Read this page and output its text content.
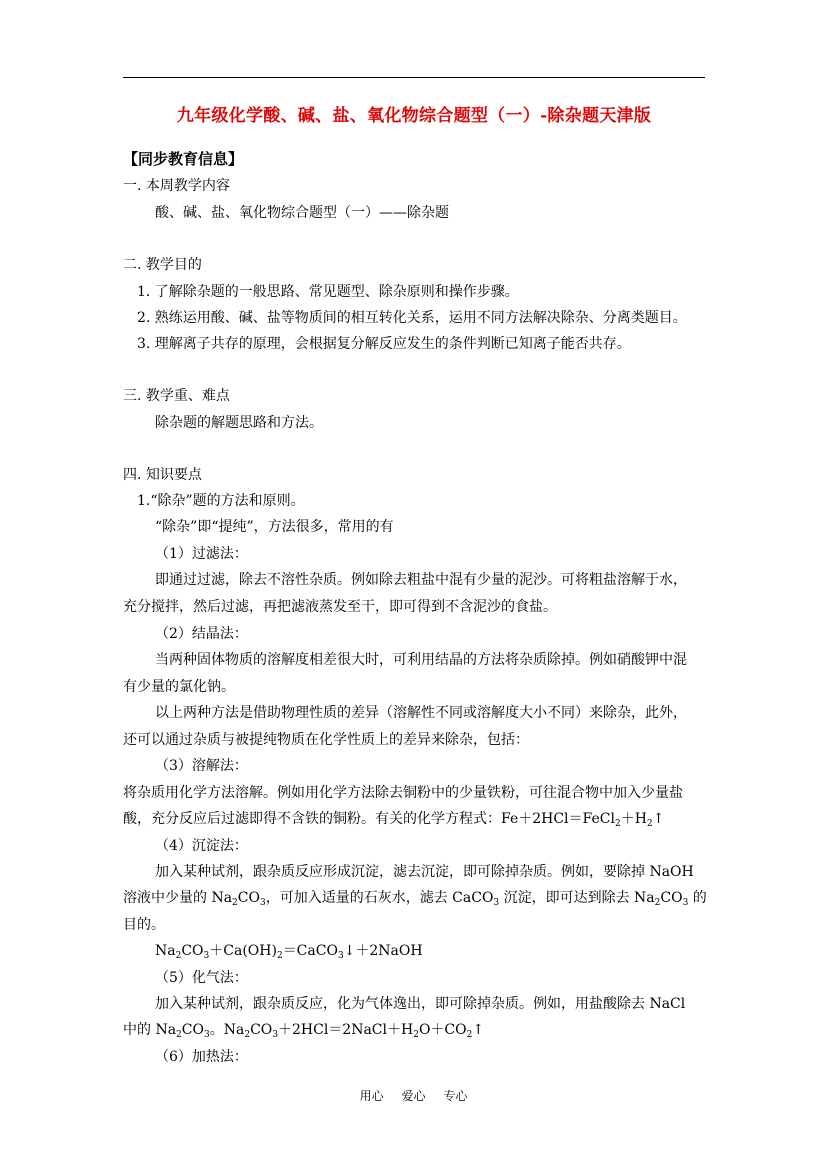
九年级化学酸、碱、盐、氧化物综合题型（一）-除杂题天津版
【同步教育信息】
一. 本周教学内容
酸、碱、盐、氧化物综合题型（一）——除杂题
二. 教学目的
1. 了解除杂题的一般思路、常见题型、除杂原则和操作步骤。
2. 熟练运用酸、碱、盐等物质间的相互转化关系，运用不同方法解决除杂、分离类题目。
3. 理解离子共存的原理，会根据复分解反应发生的条件判断已知离子能否共存。
三. 教学重、难点
除杂题的解题思路和方法。
四. 知识要点
1.“除杂”题的方法和原则。
“除杂”即“提纯”，方法很多，常用的有
（1）过滤法：
即通过过滤，除去不溶性杂质。例如除去粗盐中混有少量的泥沙。可将粗盐溶解于水，
充分搅拌，然后过滤，再把滤液蒸发至干，即可得到不含泥沙的食盐。
（2）结晶法：
当两种固体物质的溶解度相差很大时，可利用结晶的方法将杂质除掉。例如硝酸钾中混
有少量的氯化钠。
以上两种方法是借助物理性质的差异（溶解性不同或溶解度大小不同）来除杂，此外，
还可以通过杂质与被提纯物质在化学性质上的差异来除杂，包括：
（3）溶解法：
将杂质用化学方法溶解。例如用化学方法除去铜粉中的少量铁粉，可往混合物中加入少量盐
酸，充分反应后过滤即得不含铁的铜粉。有关的化学方程式：$Fe+2HCl=FeCl_2+H_2↑$
（4）沉淀法：
加入某种试剂，跟杂质反应形成沉淀，滤去沉淀，即可除掉杂质。例如，要除掉 NaOH
溶液中少量的 $Na_2CO_3$，可加入适量的石灰水，滤去 CaCO$_3$ 沉淀，即可达到除去 $Na_2CO_3$ 的
目的。
$Na_2CO_3+Ca(OH)_2=CaCO_3↓+2NaOH$
（5）化气法：
加入某种试剂，跟杂质反应，化为气体逸出，即可除掉杂质。例如，用盐酸除去 NaCl
中的 $Na_2CO_3$。$Na_2CO_3+2HCl=2NaCl+H_2O+CO_2↑$
（6）加热法：
用心 爱心 专心
